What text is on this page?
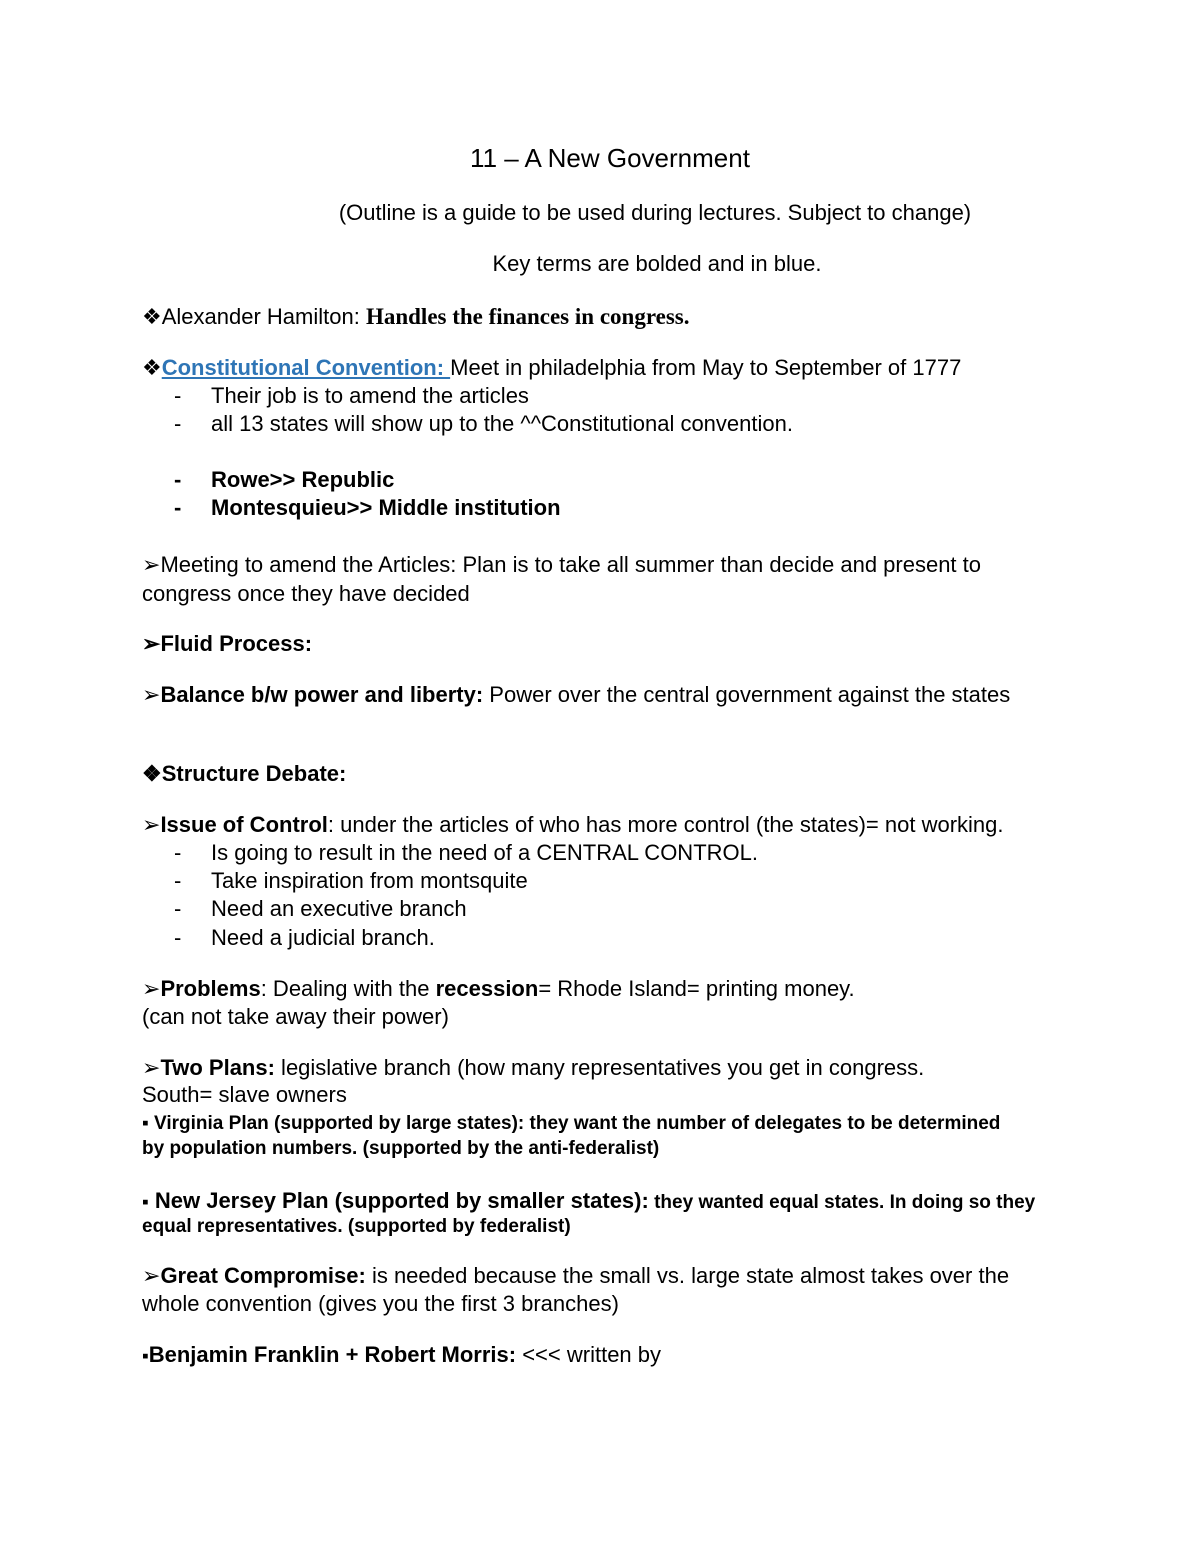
11 – A New Government
(Outline is a guide to be used during lectures. Subject to change)
Key terms are bolded and in blue.
❖Alexander Hamilton: Handles the finances in congress.
❖Constitutional Convention: Meet in philadelphia from May to September of 1777
- Their job is to amend the articles
- all 13 states will show up to the ^^Constitutional convention.
- Rowe>> Republic
- Montesquieu>> Middle institution
➢Meeting to amend the Articles: Plan is to take all summer than decide and present to
congress once they have decided
➢Fluid Process:
➢Balance b/w power and liberty: Power over the central government against the states
❖Structure Debate:
➢Issue of Control: under the articles of who has more control (the states)= not working.
- Is going to result in the need of a CENTRAL CONTROL.
- Take inspiration from montsquite
- Need an executive branch
- Need a judicial branch.
➢Problems: Dealing with the recession= Rhode Island= printing money.
(can not take away their power)
➢Two Plans: legislative branch (how many representatives you get in congress.
South= slave owners
▪ Virginia Plan (supported by large states): they want the number of delegates to be determined
by population numbers. (supported by the anti-federalist)
▪ New Jersey Plan (supported by smaller states): they wanted equal states. In doing so they
equal representatives. (supported by federalist)
➢Great Compromise: is needed because the small vs. large state almost takes over the
whole convention (gives you the first 3 branches)
▪Benjamin Franklin + Robert Morris: <<< written by
